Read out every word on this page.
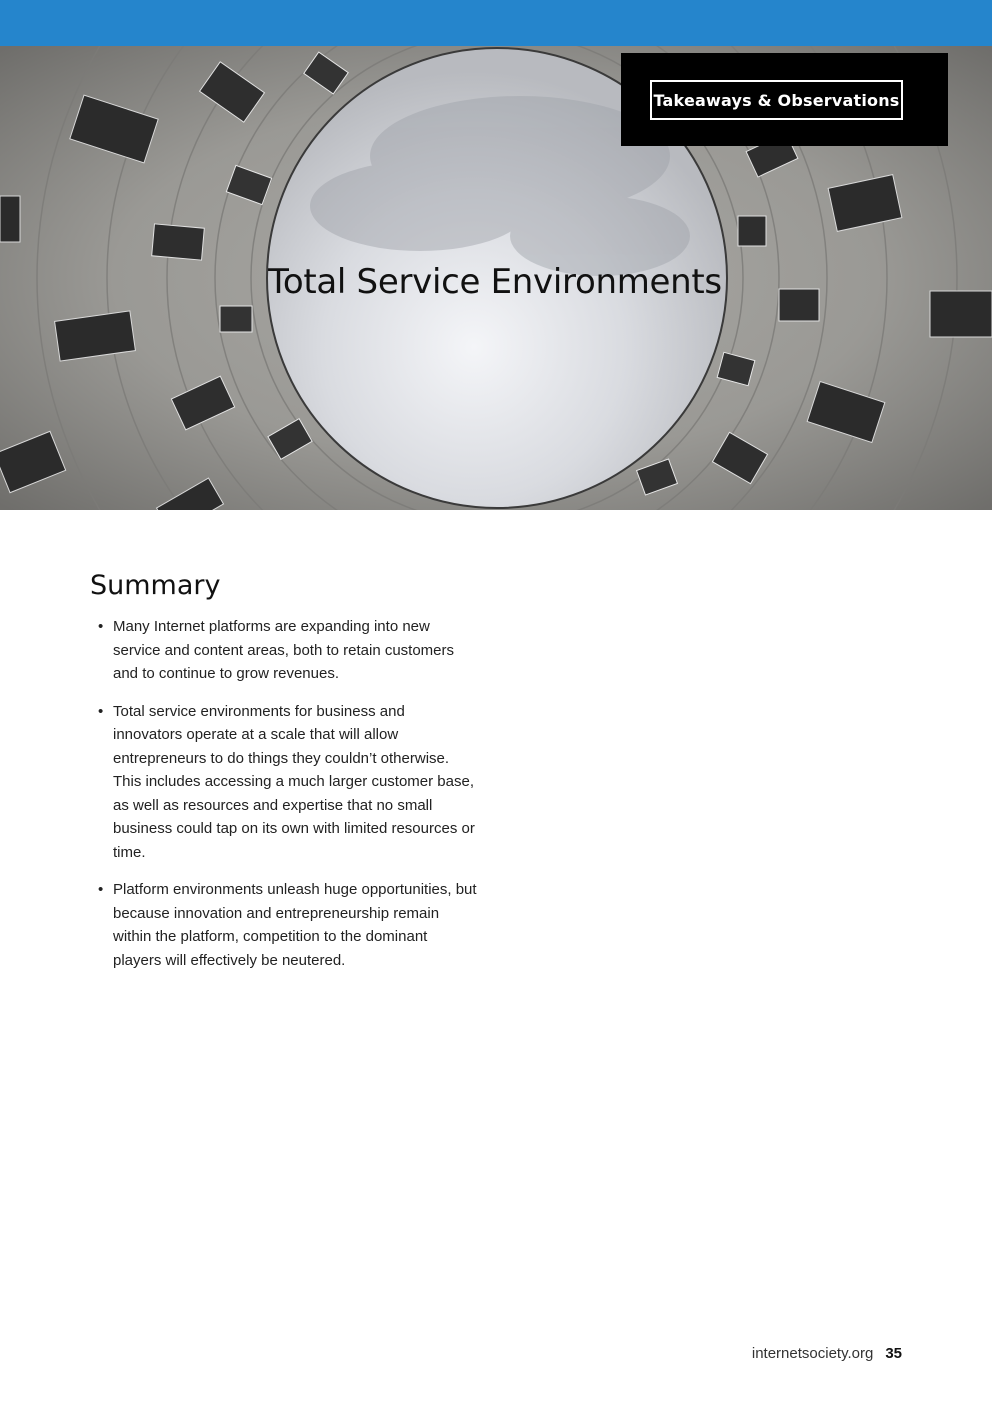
Takeaways & Observations
Total Service Environments
Summary
• Many Internet platforms are expanding into new service and content areas, both to retain customers and to continue to grow revenues.
• Total service environments for business and innovators operate at a scale that will allow entrepreneurs to do things they couldn’t otherwise. This includes accessing a much larger customer base, as well as resources and expertise that no small business could tap on its own with limited resources or time.
• Platform environments unleash huge opportunities, but because innovation and entrepreneurship remain within the platform, competition to the dominant players will effectively be neutered.
internetsociety.org 35
